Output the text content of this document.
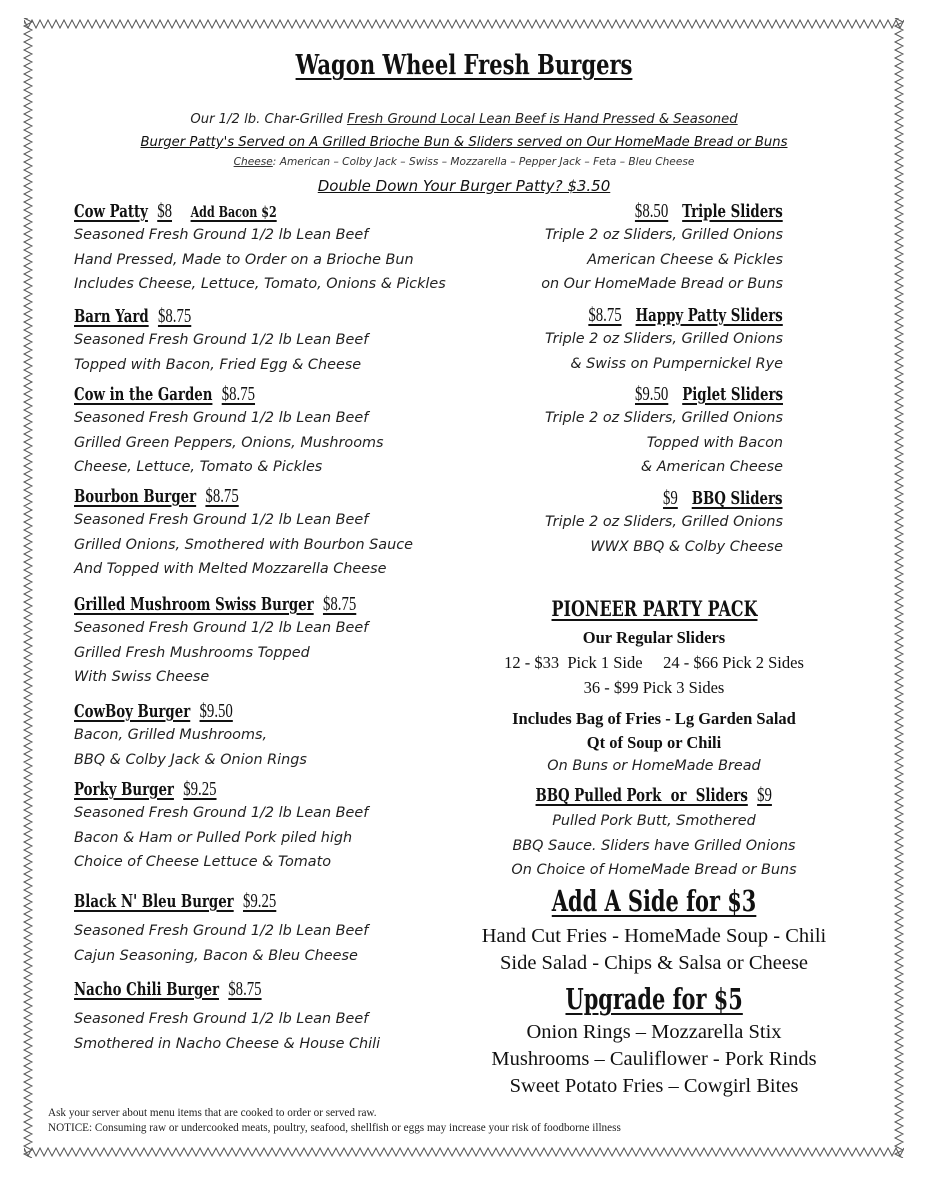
Wagon Wheel Fresh Burgers
Our 1/2 lb. Char-Grilled Fresh Ground Local Lean Beef is Hand Pressed & Seasoned
Burger Patty's Served on A Grilled Brioche Bun & Sliders served on Our HomeMade Bread or Buns
Cheese: American – Colby Jack – Swiss – Mozzarella – Pepper Jack – Feta – Bleu Cheese
Double Down Your Burger Patty? $3.50
Cow Patty $8 Add Bacon $2
Seasoned Fresh Ground 1/2 lb Lean Beef
Hand Pressed, Made to Order on a Brioche Bun
Includes Cheese, Lettuce, Tomato, Onions & Pickles
Barn Yard $8.75
Seasoned Fresh Ground 1/2 lb Lean Beef
Topped with Bacon, Fried Egg & Cheese
Cow in the Garden $8.75
Seasoned Fresh Ground 1/2 lb Lean Beef
Grilled Green Peppers, Onions, Mushrooms
Cheese, Lettuce, Tomato & Pickles
Bourbon Burger $8.75
Seasoned Fresh Ground 1/2 lb Lean Beef
Grilled Onions, Smothered with Bourbon Sauce
And Topped with Melted Mozzarella Cheese
Grilled Mushroom Swiss Burger $8.75
Seasoned Fresh Ground 1/2 lb Lean Beef
Grilled Fresh Mushrooms Topped
With Swiss Cheese
CowBoy Burger $9.50
Bacon, Grilled Mushrooms,
BBQ & Colby Jack & Onion Rings
Porky Burger $9.25
Seasoned Fresh Ground 1/2 lb Lean Beef
Bacon & Ham or Pulled Pork piled high
Choice of Cheese Lettuce & Tomato
Black N' Bleu Burger $9.25
Seasoned Fresh Ground 1/2 lb Lean Beef
Cajun Seasoning, Bacon & Bleu Cheese
Nacho Chili Burger $8.75
Seasoned Fresh Ground 1/2 lb Lean Beef
Smothered in Nacho Cheese & House Chili
$8.50 Triple Sliders
Triple 2 oz Sliders, Grilled Onions
American Cheese & Pickles
on Our HomeMade Bread or Buns
$8.75 Happy Patty Sliders
Triple 2 oz Sliders, Grilled Onions
& Swiss on Pumpernickel Rye
$9.50 Piglet Sliders
Triple 2 oz Sliders, Grilled Onions
Topped with Bacon
& American Cheese
$9 BBQ Sliders
Triple 2 oz Sliders, Grilled Onions
WWX BBQ & Colby Cheese
PIONEER PARTY PACK
Our Regular Sliders
12 - $33  Pick 1 Side     24 - $66 Pick 2 Sides
36 - $99 Pick 3 Sides
Includes Bag of Fries - Lg Garden Salad
Qt of Soup or Chili
On Buns or HomeMade Bread
BBQ Pulled Pork  or  Sliders $9
Pulled Pork Butt, Smothered
BBQ Sauce. Sliders have Grilled Onions
On Choice of HomeMade Bread or Buns
Add A Side for $3
Hand Cut Fries - HomeMade Soup - Chili
Side Salad - Chips & Salsa or Cheese
Upgrade for $5
Onion Rings – Mozzarella Stix
Mushrooms – Cauliflower - Pork Rinds
Sweet Potato Fries – Cowgirl Bites
Ask your server about menu items that are cooked to order or served raw.
NOTICE: Consuming raw or undercooked meats, poultry, seafood, shellfish or eggs may increase your risk of foodborne illness
